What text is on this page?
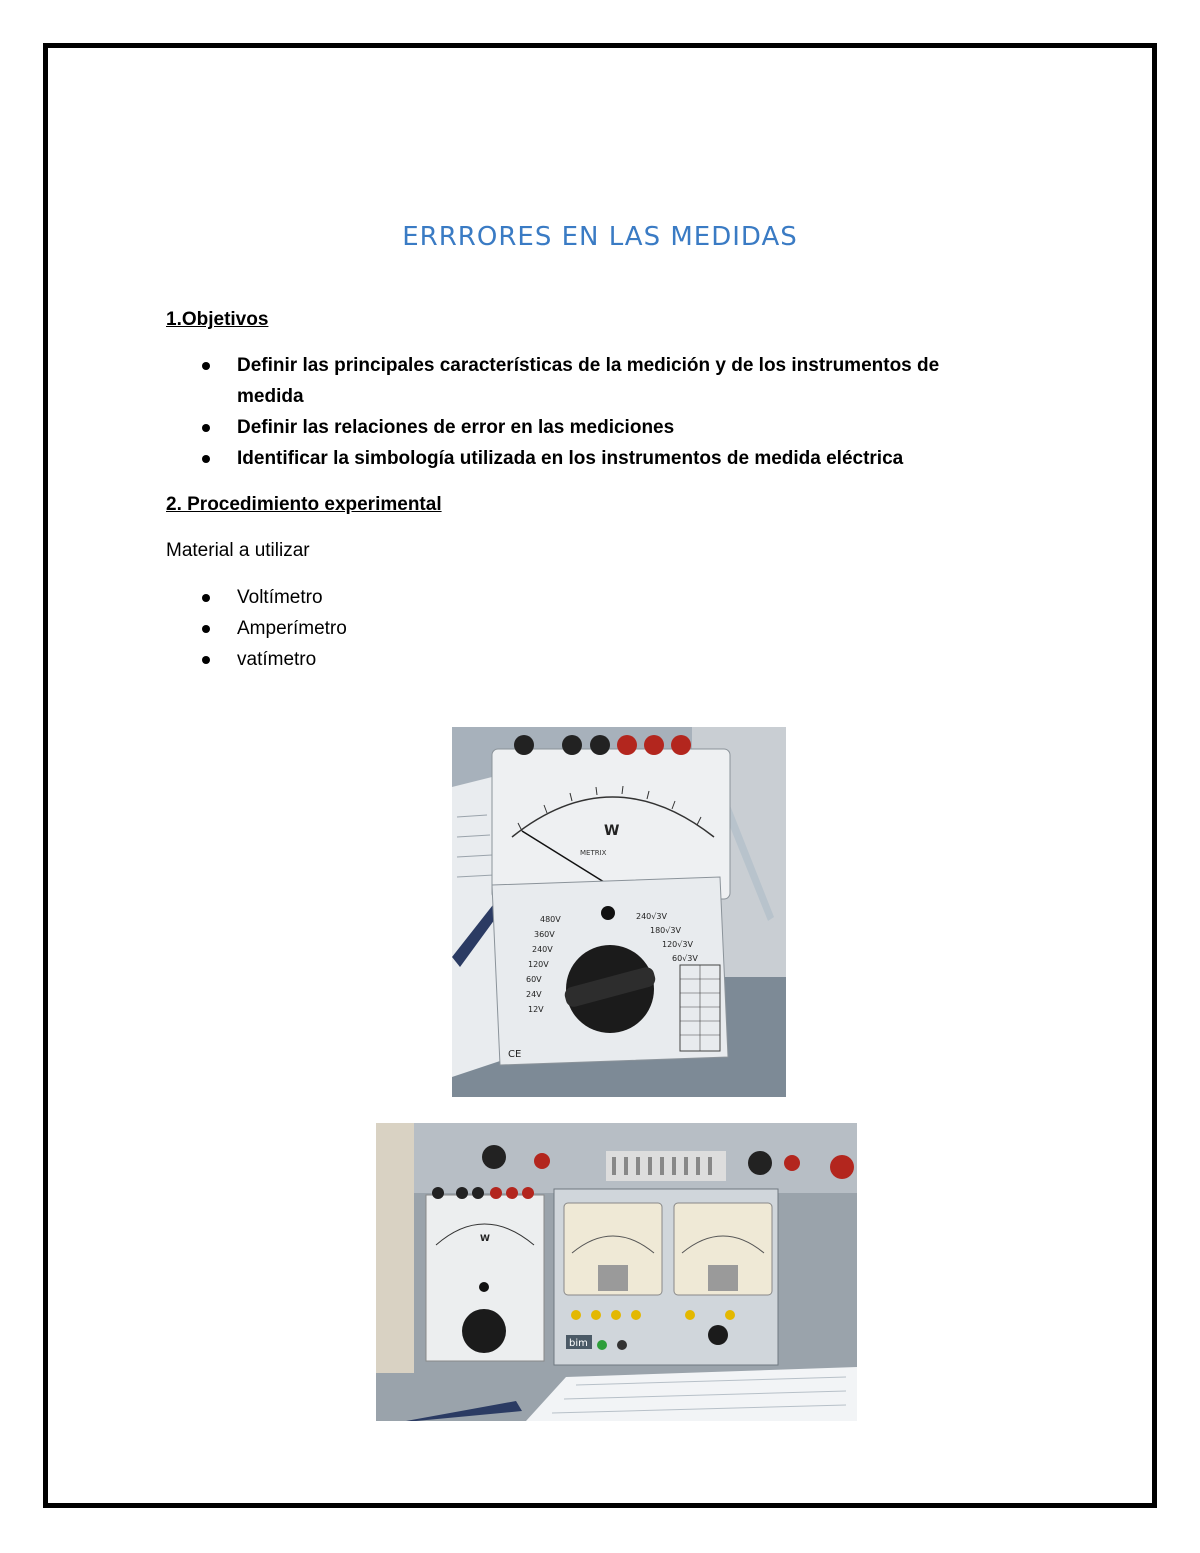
ERRRORES EN LAS MEDIDAS
1.Objetivos
Definir las principales características de la medición y de los instrumentos de medida
Definir las relaciones de error en las mediciones
Identificar la simbología utilizada en los instrumentos de medida eléctrica
2. Procedimiento experimental
Material a utilizar
Voltímetro
Amperímetro
vatímetro
W
METRIX
480V
360V
240V
120V
60V
24V
12V
240√3V
180√3V
120√3V
60√3V
CE
W
bim
